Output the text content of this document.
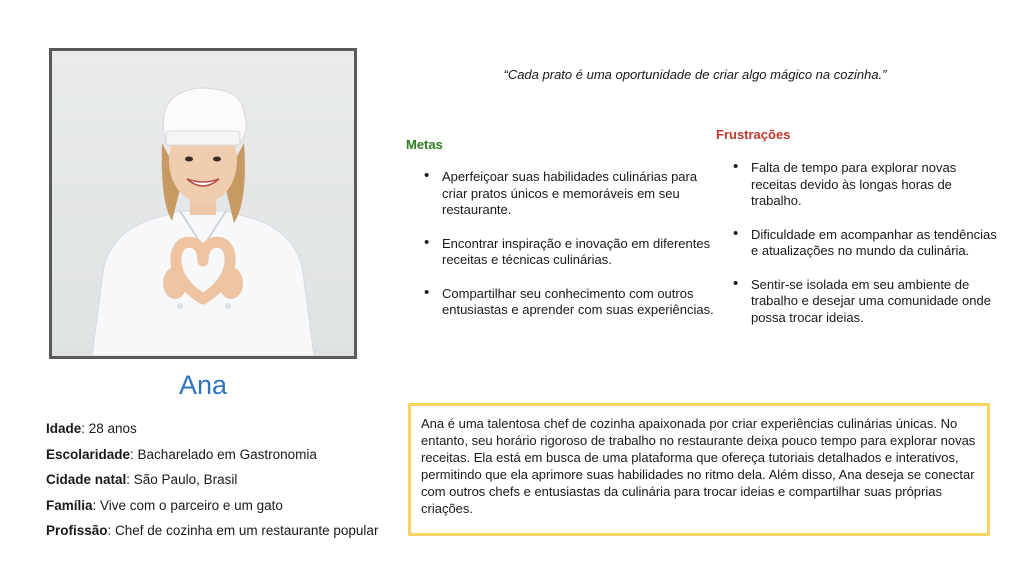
Ana
Idade: 28 anos
Escolaridade: Bacharelado em Gastronomia
Cidade natal: São Paulo, Brasil
Família: Vive com o parceiro e um gato
Profissão: Chef de cozinha em um restaurante popular
“Cada prato é uma oportunidade de criar algo mágico na cozinha.”
Metas
• Aperfeiçoar suas habilidades culinárias para criar pratos únicos e memoráveis em seu restaurante.
• Encontrar inspiração e inovação em diferentes receitas e técnicas culinárias.
• Compartilhar seu conhecimento com outros entusiastas e aprender com suas experiências.
Frustrações
• Falta de tempo para explorar novas receitas devido às longas horas de trabalho.
• Dificuldade em acompanhar as tendências e atualizações no mundo da culinária.
• Sentir-se isolada em seu ambiente de trabalho e desejar uma comunidade onde possa trocar ideias.
Ana é uma talentosa chef de cozinha apaixonada por criar experiências culinárias únicas. No entanto, seu horário rigoroso de trabalho no restaurante deixa pouco tempo para explorar novas receitas. Ela está em busca de uma plataforma que ofereça tutoriais detalhados e interativos, permitindo que ela aprimore suas habilidades no ritmo dela. Além disso, Ana deseja se conectar com outros chefs e entusiastas da culinária para trocar ideias e compartilhar suas próprias criações.
